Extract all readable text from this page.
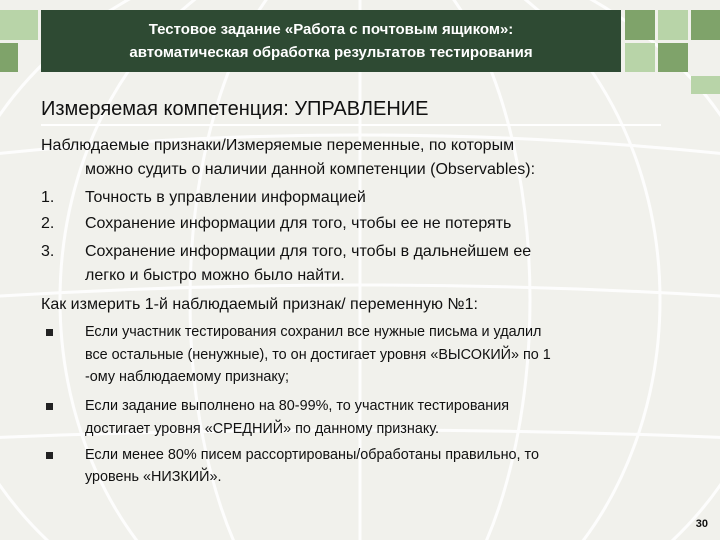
Тестовое задание «Работа с почтовым ящиком»:
автоматическая обработка результатов тестирования
Измеряемая компетенция: УПРАВЛЕНИЕ
Наблюдаемые признаки/Измеряемые переменные, по которым
можно судить о наличии данной компетенции (Observables):
1. Точность в управлении информацией
2. Сохранение информации для того, чтобы ее не потерять
3. Сохранение информации для того, чтобы в дальнейшем ее
легко и быстро можно было найти.
Как измерить 1-й наблюдаемый признак/ переменную №1:
Если участник тестирования сохранил все нужные письма и удалил
все остальные (ненужные), то он достигает уровня «ВЫСОКИЙ» по 1
-ому наблюдаемому признаку;
Если задание выполнено на 80-99%, то участник тестирования
достигает уровня «СРЕДНИЙ» по данному признаку.
Если менее 80% писем рассортированы/обработаны правильно, то
уровень «НИЗКИЙ».
30
